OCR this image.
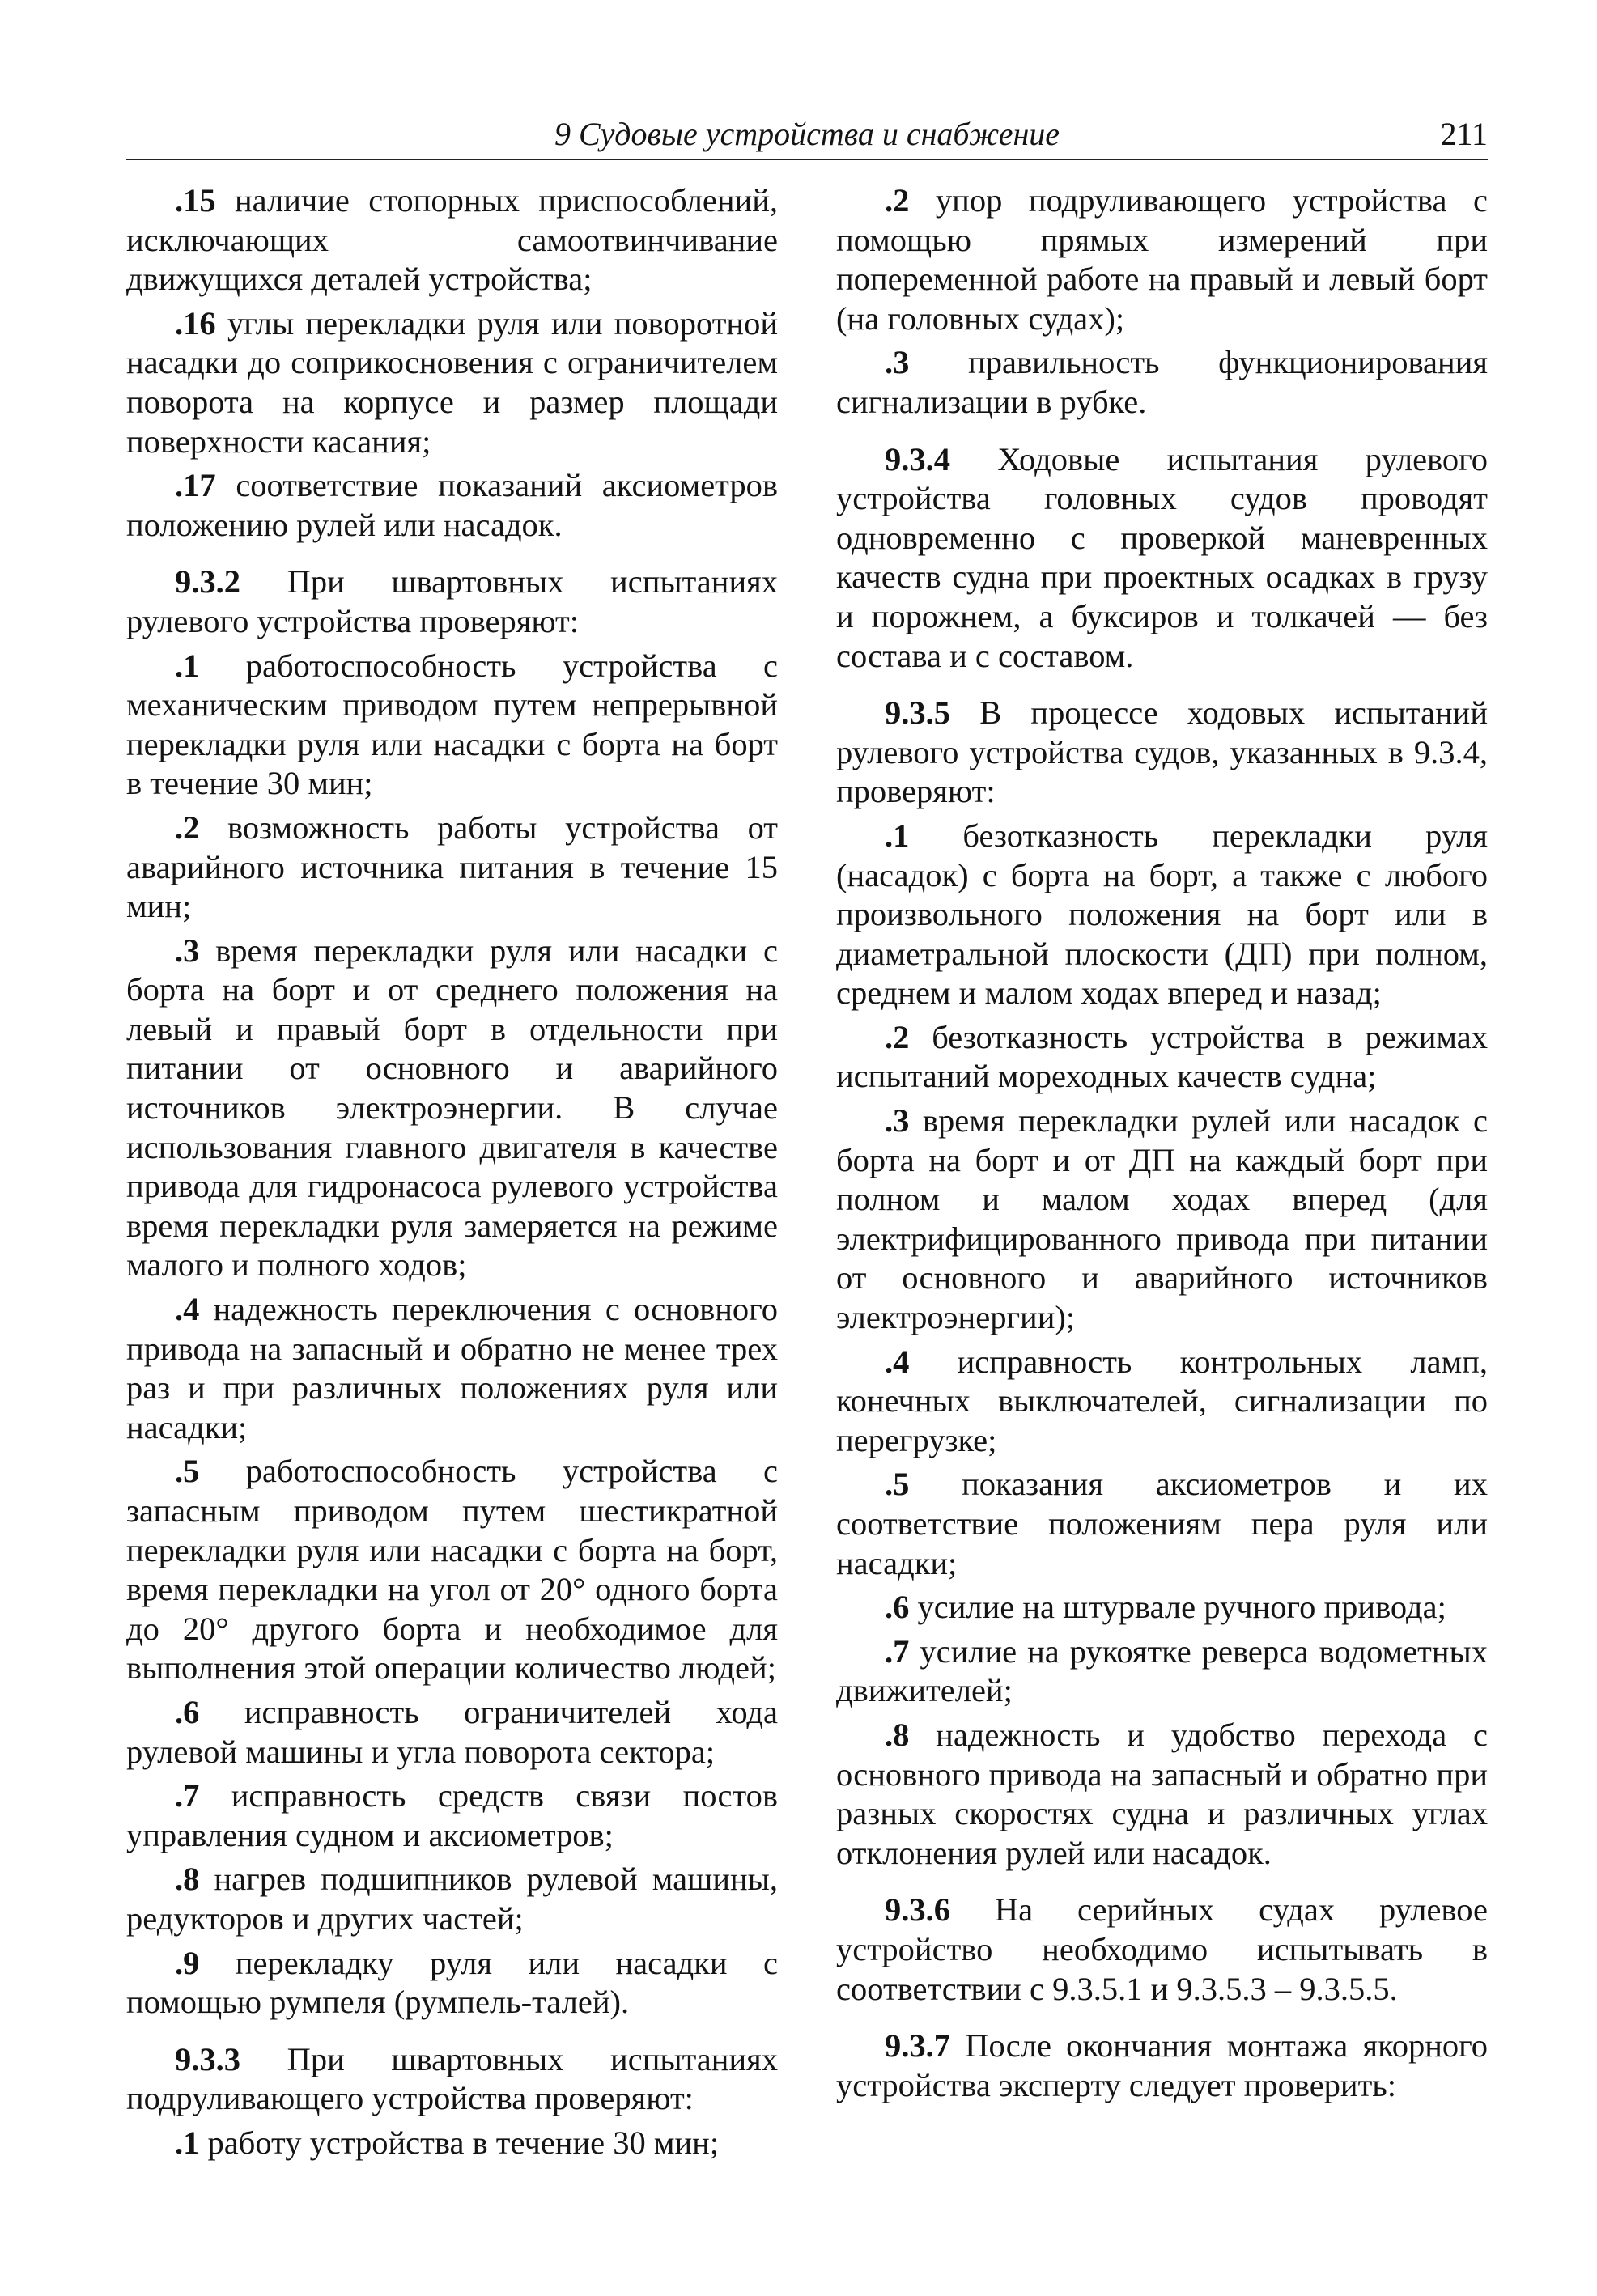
9 Судовые устройства и снабжение	211

.15 наличие стопорных приспособлений, исключающих самоотвинчивание движущихся деталей устройства;

.16 углы перекладки руля или поворотной насадки до соприкосновения с ограничителем поворота на корпусе и размер площади поверхности касания;

.17 соответствие показаний аксиометров положению рулей или насадок.

9.3.2 При швартовных испытаниях рулевого устройства проверяют:

.1 работоспособность устройства с механическим приводом путем непрерывной перекладки руля или насадки с борта на борт в течение 30 мин;

.2 возможность работы устройства от аварийного источника питания в течение 15 мин;

.3 время перекладки руля или насадки с борта на борт и от среднего положения на левый и правый борт в отдельности при питании от основного и аварийного источников электроэнергии. В случае использования главного двигателя в качестве привода для гидронасоса рулевого устройства время перекладки руля замеряется на режиме малого и полного ходов;

.4 надежность переключения с основного привода на запасный и обратно не менее трех раз и при различных положениях руля или насадки;

.5 работоспособность устройства с запасным приводом путем шестикратной перекладки руля или насадки с борта на борт, время перекладки на угол от 20° одного борта до 20° другого борта и необходимое для выполнения этой операции количество людей;

.6 исправность ограничителей хода рулевой машины и угла поворота сектора;

.7 исправность средств связи постов управления судном и аксиометров;

.8 нагрев подшипников рулевой машины, редукторов и других частей;

.9 перекладку руля или насадки с помощью румпеля (румпель-талей).

9.3.3 При швартовных испытаниях подруливающего устройства проверяют:

.1 работу устройства в течение 30 мин;

.2 упор подруливающего устройства с помощью прямых измерений при попеременной работе на правый и левый борт (на головных судах);

.3 правильность функционирования сигнализации в рубке.

9.3.4 Ходовые испытания рулевого устройства головных судов проводят одновременно с проверкой маневренных качеств судна при проектных осадках в грузу и порожнем, а буксиров и толкачей — без состава и с составом.

9.3.5 В процессе ходовых испытаний рулевого устройства судов, указанных в 9.3.4, проверяют:

.1 безотказность перекладки руля (насадок) с борта на борт, а также с любого произвольного положения на борт или в диаметральной плоскости (ДП) при полном, среднем и малом ходах вперед и назад;

.2 безотказность устройства в режимах испытаний мореходных качеств судна;

.3 время перекладки рулей или насадок с борта на борт и от ДП на каждый борт при полном и малом ходах вперед (для электрифицированного привода при питании от основного и аварийного источников электроэнергии);

.4 исправность контрольных ламп, конечных выключателей, сигнализации по перегрузке;

.5 показания аксиометров и их соответствие положениям пера руля или насадки;

.6 усилие на штурвале ручного привода;

.7 усилие на рукоятке реверса водометных движителей;

.8 надежность и удобство перехода с основного привода на запасный и обратно при разных скоростях судна и различных углах отклонения рулей или насадок.

9.3.6 На серийных судах рулевое устройство необходимо испытывать в соответствии с 9.3.5.1 и 9.3.5.3 – 9.3.5.5.

9.3.7 После окончания монтажа якорного устройства эксперту следует проверить:
